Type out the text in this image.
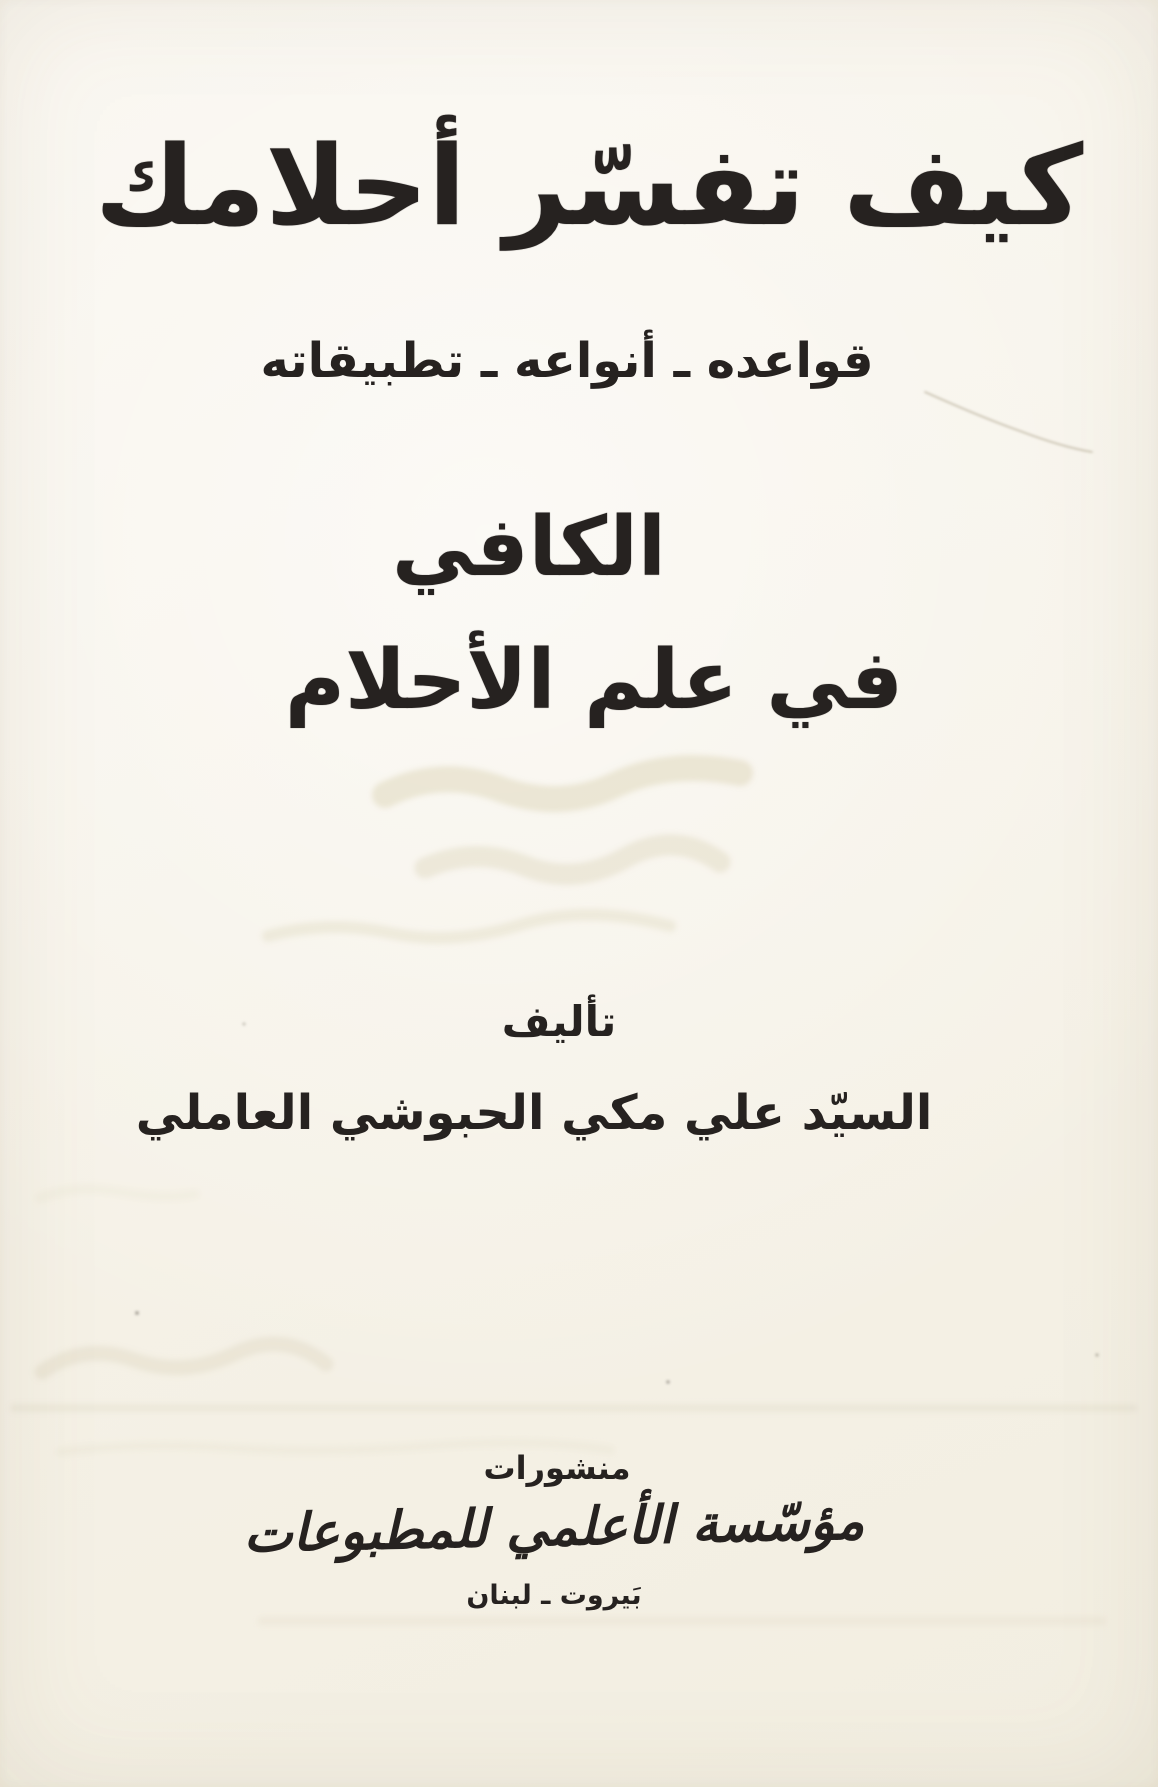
كيف تفسّر أحلامك
قواعده ـ أنواعه ـ تطبيقاته
الكافي
في علم الأحلام
تأليف
السيّد علي مكي الحبوشي العاملي
منشورات
مؤسّسة الأعلمي للمطبوعات
بَيروت ـ لبنان
